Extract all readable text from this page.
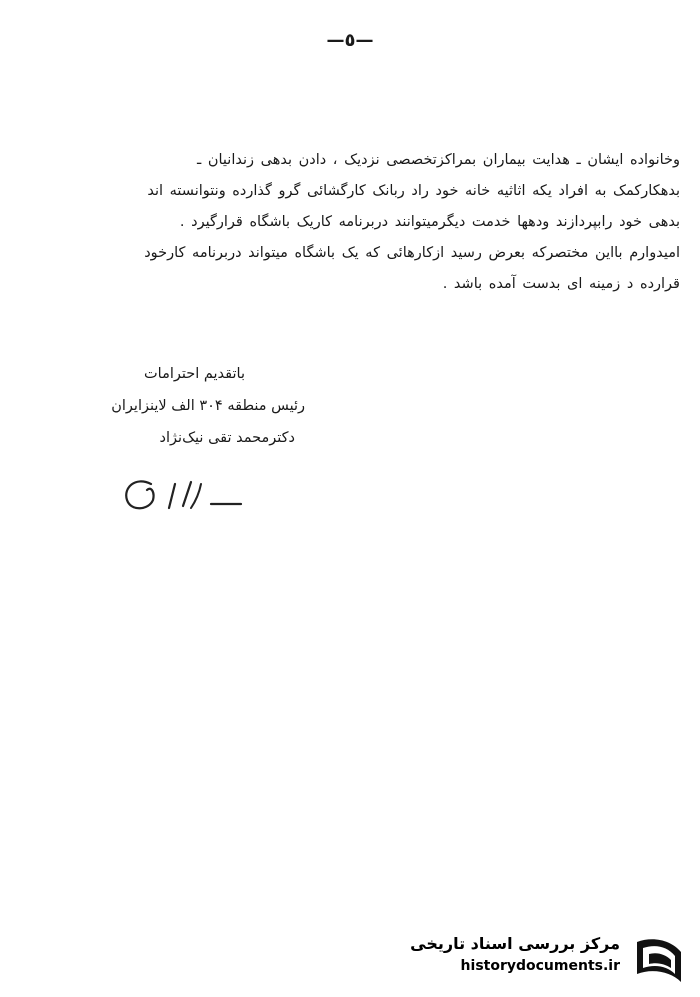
—٥—
وخانواده ایشان ـ هدایت بیماران بمراکزتخصصی نزدیک ، دادن بدهی زندانیان ـ
بدهکارکمک به افراد یکه اثاثیه خانه خود راد ربانک کارگشائی گرو گذارده ونتوانسته اند
بدهی خود رابپردازند ودهها خدمت دیگرمیتوانند دربرنامه کاریک باشگاه قرارگیرد .
امیدوارم بااین مختصرکه بعرض رسید ازکارهائی که یک باشگاه میتواند دربرنامه کارخود
قرارده د زمینه ای بدست آمده باشد .
باتقدیم احترامات
رئیس منطقه ۳۰۴ الف لاینزایران
دکترمحمد تقی نیک‌نژاد
مرکز بررسی اسناد تاریخی
historydocuments.ir
